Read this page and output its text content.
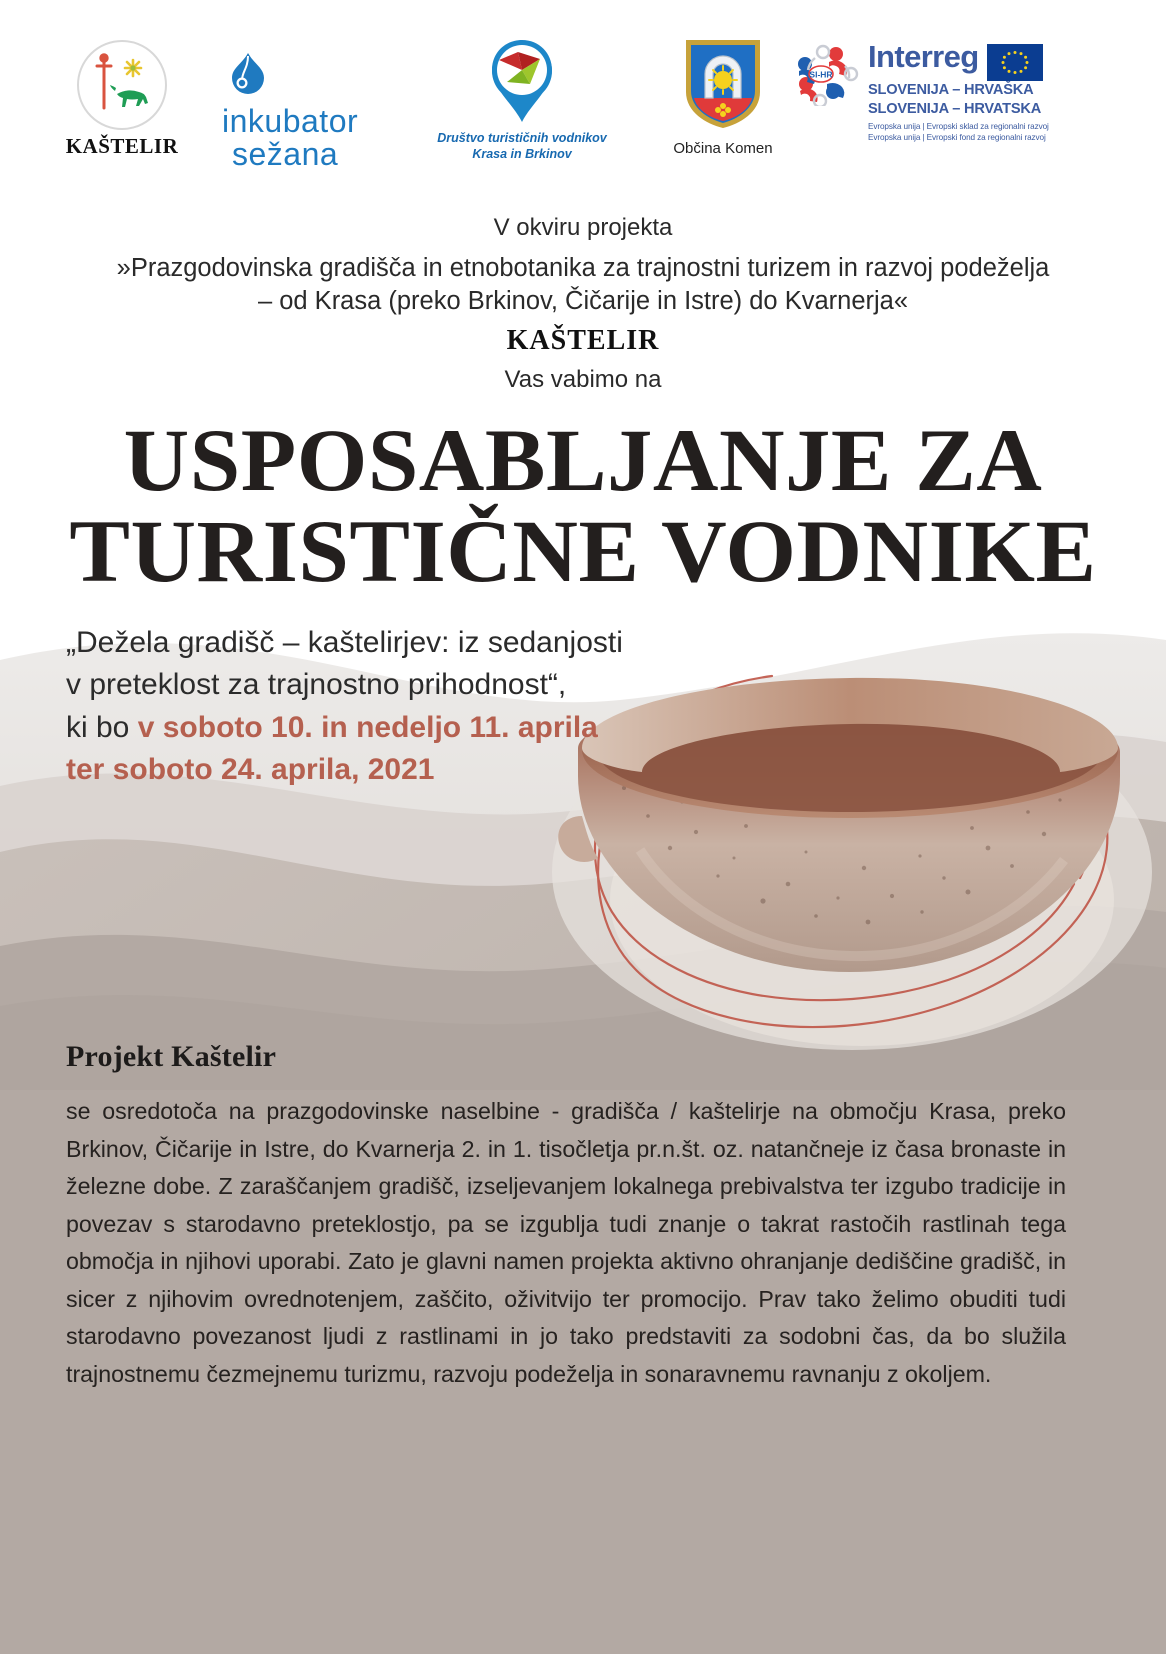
KAŠTELIR
inkubator
sežana	Društvo turističnih vodnikov
Krasa in Brkinov	Občina Komen
SI-HR
Interreg
SLOVENIJA – HRVAŠKA
SLOVENIJA – HRVATSKA
Evropska unija | Evropski sklad za regionalni razvoj
Evropska unija | Evropski fond za regionalni razvoj
V okviru projekta
»Prazgodovinska gradišča in etnobotanika za trajnostni turizem in razvoj podeželja
– od Krasa (preko Brkinov, Čičarije in Istre) do Kvarnerja«
KAŠTELIR
Vas vabimo na
USPOSABLJANJE ZA
TURISTIČNE VODNIKE
„Dežela gradišč – kaštelirjev: iz sedanjosti
v preteklost za trajnostno prihodnost“,
ki bo v soboto 10. in nedeljo 11. aprila
ter soboto 24. aprila, 2021
Projekt Kaštelir
se osredotoča na prazgodovinske naselbine - gradišča / kaštelirje na območju Krasa, preko Brkinov, Čičarije in Istre, do Kvarnerja 2. in 1. tisočletja pr.n.št. oz. natančneje iz časa bronaste in železne dobe. Z zaraščanjem gradišč, izseljevanjem lokalnega prebivalstva ter izgubo tradicije in povezav s starodavno preteklostjo, pa se izgublja tudi znanje o takrat rastočih rastlinah tega območja in njihovi uporabi. Zato je glavni namen projekta aktivno ohranjanje dediščine gradišč, in sicer z njihovim ovrednotenjem, zaščito, oživitvijo ter promocijo. Prav tako želimo obuditi tudi starodavno povezanost ljudi z rastlinami in jo tako predstaviti za sodobni čas, da bo služila trajnostnemu čezmejnemu turizmu, razvoju podeželja in sonaravnemu ravnanju z okoljem.
